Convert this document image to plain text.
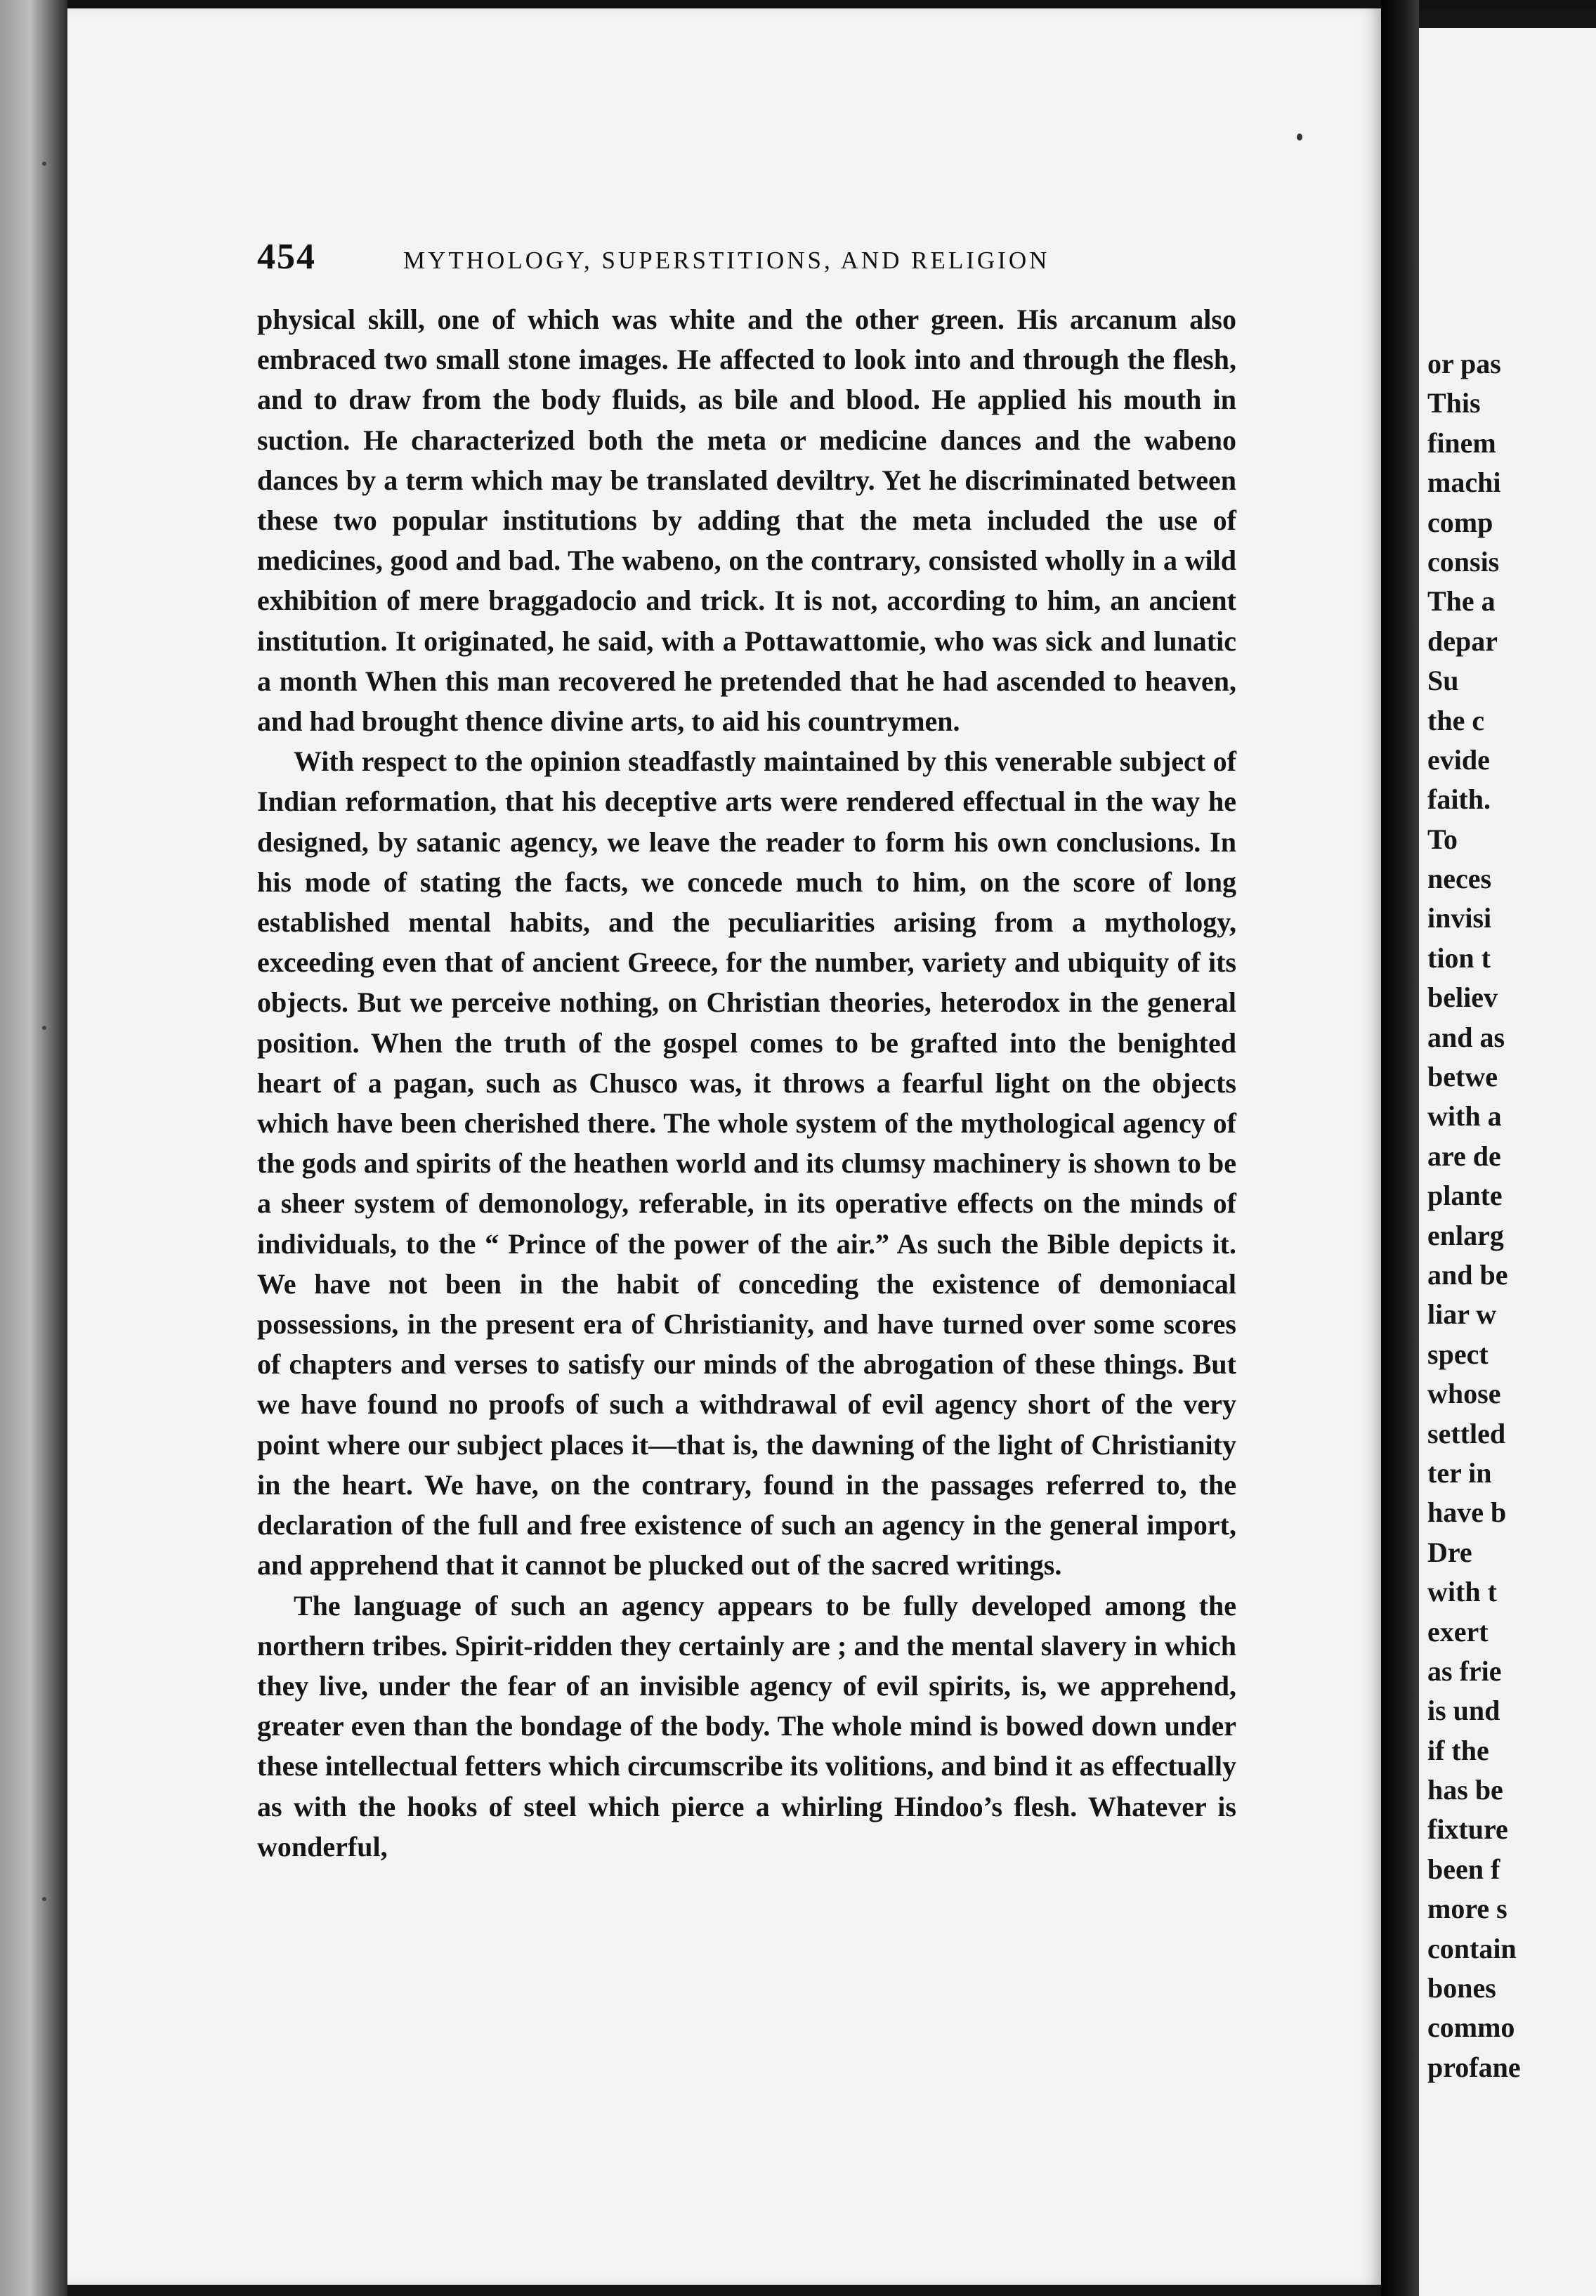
454	MYTHOLOGY, SUPERSTITIONS, AND RELIGION

physical skill, one of which was white and the other green. His arcanum also embraced two small stone images. He affected to look into and through the flesh, and to draw from the body fluids, as bile and blood. He applied his mouth in suction. He characterized both the meta or medicine dances and the wabeno dances by a term which may be translated deviltry. Yet he discriminated between these two popular institutions by adding that the meta included the use of medicines, good and bad. The wabeno, on the contrary, consisted wholly in a wild exhibition of mere braggadocio and trick. It is not, according to him, an ancient institution. It originated, he said, with a Pottawattomie, who was sick and lunatic a month When this man recovered he pretended that he had ascended to heaven, and had brought thence divine arts, to aid his countrymen.

With respect to the opinion steadfastly maintained by this venerable subject of Indian reformation, that his deceptive arts were rendered effectual in the way he designed, by satanic agency, we leave the reader to form his own conclusions. In his mode of stating the facts, we concede much to him, on the score of long established mental habits, and the peculiarities arising from a mythology, exceeding even that of ancient Greece, for the number, variety and ubiquity of its objects. But we perceive nothing, on Christian theories, heterodox in the general position. When the truth of the gospel comes to be grafted into the benighted heart of a pagan, such as Chusco was, it throws a fearful light on the objects which have been cherished there. The whole system of the mythological agency of the gods and spirits of the heathen world and its clumsy machinery is shown to be a sheer system of demonology, referable, in its operative effects on the minds of individuals, to the “ Prince of the power of the air.” As such the Bible depicts it. We have not been in the habit of conceding the existence of demoniacal possessions, in the present era of Christianity, and have turned over some scores of chapters and verses to satisfy our minds of the abrogation of these things. But we have found no proofs of such a withdrawal of evil agency short of the very point where our subject places it—that is, the dawning of the light of Christianity in the heart. We have, on the contrary, found in the passages referred to, the declaration of the full and free existence of such an agency in the general import, and apprehend that it cannot be plucked out of the sacred writings.

The language of such an agency appears to be fully developed among the northern tribes. Spirit-ridden they certainly are ; and the mental slavery in which they live, under the fear of an invisible agency of evil spirits, is, we apprehend, greater even than the bondage of the body. The whole mind is bowed down under these intellectual fetters which circumscribe its volitions, and bind it as effectually as with the hooks of steel which pierce a whirling Hindoo’s flesh. Whatever is wonderful,

or pas
This
finem
machi
comp
consis
The a
depar
Su
the c
evide
faith.
To
neces
invisi
tion t
believ
and as
betwe
with a
are de
plante
enlarg
and be
liar w
spect
whose
settled
ter in
have b
Dre
with t
exert
as frie
is und
if the
has be
fixture
been f
more s
contain
bones
commo
profane
